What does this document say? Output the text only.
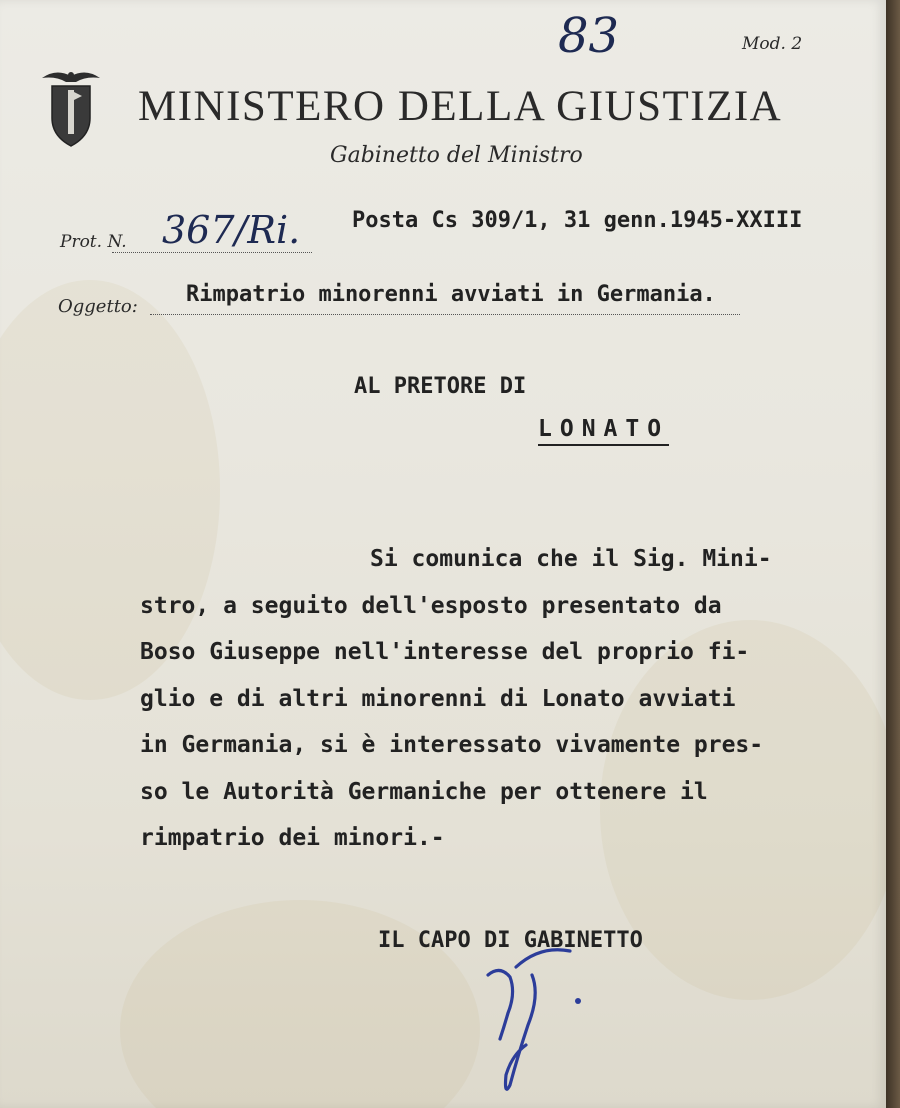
83	Mod. 2
MINISTERO DELLA GIUSTIZIA
Gabinetto del Ministro
Prot. N. 367/Ri. Posta Cs 309/1, 31 genn.1945-XXIII
Oggetto: Rimpatrio minorenni avviati in Germania.
AL PRETORE DI
LONATO
Si comunica che il Sig. Mini-
stro, a seguito dell'esposto presentato da
Boso Giuseppe nell'interesse del proprio fi-
glio e di altri minorenni di Lonato avviati
in Germania, si è interessato vivamente pres-
so le Autorità Germaniche per ottenere il
rimpatrio dei minori.-
IL CAPO DI GABINETTO
